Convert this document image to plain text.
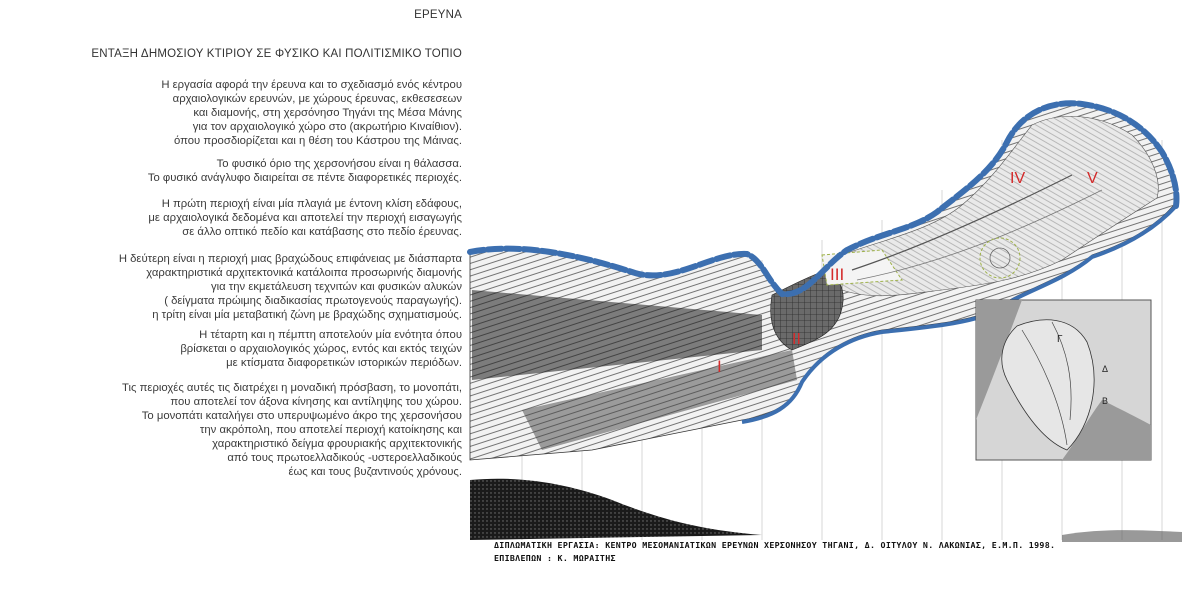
ΕΡΕΥΝΑ
ΕΝΤΑΞΗ ΔΗΜΟΣΙΟΥ ΚΤΙΡΙΟΥ ΣΕ ΦΥΣΙΚΟ ΚΑΙ ΠΟΛΙΤΙΣΜΙΚΟ ΤΟΠΙΟ
Η εργασία αφορά την έρευνα και το σχεδιασμό ενός κέντρου
αρχαιολογικών ερευνών, με χώρους έρευνας, εκθεσεσεων
και διαμονής, στη χερσόνησο Τηγάνι της Μέσα Μάνης
για τον αρχαιολογικό χώρο στο (ακρωτήριο Κιναίθιον).
όπου προσδιορίζεται και η θέση του Κάστρου της Μάινας.
Το φυσικό όριο της χερσονήσου είναι η θάλασσα.
Το φυσικό ανάγλυφο διαιρείται σε πέντε διαφορετικές περιοχές.
Η πρώτη περιοχή είναι μία πλαγιά με έντονη κλίση εδάφους,
με αρχαιολογικά δεδομένα και αποτελεί την περιοχή εισαγωγής
σε άλλο οπτικό πεδίο και κατάβασης στο πεδίο έρευνας.
Η δεύτερη είναι η περιοχή μιας βραχώδους επιφάνειας με διάσπαρτα
χαρακτηριστικά αρχιτεκτονικά κατάλοιπα προσωρινής διαμονής
για την εκμετάλευση τεχνιτών και φυσικών αλυκών
( δείγματα πρώιμης διαδικασίας πρωτογενούς παραγωγής).
η τρίτη είναι μία μεταβατική ζώνη με βραχώδης σχηματισμούς.
Η τέταρτη και η πέμπτη αποτελούν μία ενότητα όπου
βρίσκεται ο αρχαιολογικός χώρος, εντός και εκτός τειχών
με κτίσματα διαφορετικών ιστορικών περιόδων.
Τις περιοχές αυτές τις διατρέχει η μοναδική πρόσβαση, το μονοπάτι,
που αποτελεί τον άξονα κίνησης και αντίληψης του χώρου.
Το μονοπάτι καταλήγει στο υπερυψωμένο άκρο της χερσονήσου
την ακρόπολη, που αποτελεί περιοχή κατοίκησης και
χαρακτηριστικό δείγμα φρουριακής αρχιτεκτονικής
από τους πρωτοελλαδικούς -υστεροελλαδικούς
έως και τους βυζαντινούς χρόνους.
I
II
III
IV	V
Γ
Δ
Β
ΔΙΠΛΩΜΑΤΙΚΗ ΕΡΓΑΣΙΑ: ΚΕΝΤΡΟ ΜΕΣΟΜΑΝΙΑΤΙΚΩΝ ΕΡΕΥΝΩΝ ΧΕΡΣΟΝΗΣΟΥ ΤΗΓΑΝΙ, Δ. ΟΙΤΥΛΟΥ Ν. ΛΑΚΩΝΙΑΣ, Ε.Μ.Π. 1998.
ΕΠΙΒΛΕΠΩΝ : Κ. ΜΩΡΑΙΤΗΣ
